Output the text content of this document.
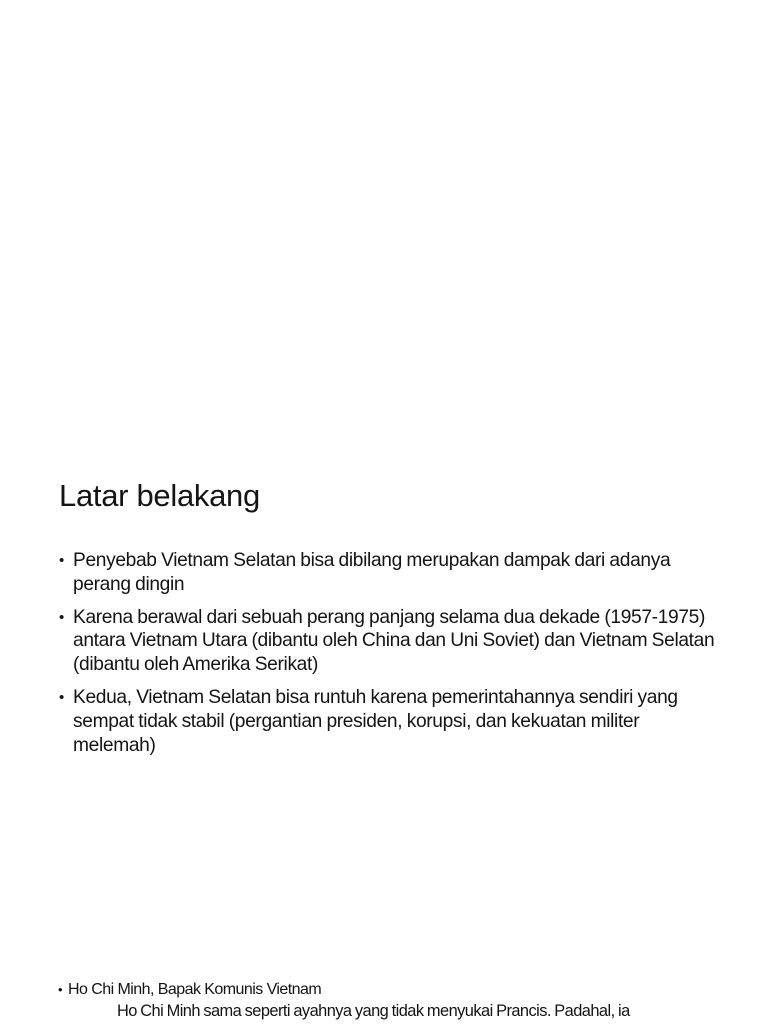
Latar belakang
• Penyebab Vietnam Selatan bisa dibilang merupakan dampak dari adanya perang dingin
• Karena berawal dari sebuah perang panjang selama dua dekade (1957-1975) antara Vietnam Utara (dibantu oleh China dan Uni Soviet) dan Vietnam Selatan (dibantu oleh Amerika Serikat)
• Kedua, Vietnam Selatan bisa runtuh karena pemerintahannya sendiri yang sempat tidak stabil (pergantian presiden, korupsi, dan kekuatan militer melemah)
• Ho Chi Minh, Bapak Komunis Vietnam
Ho Chi Minh sama seperti ayahnya yang tidak menyukai Prancis. Padahal, ia
